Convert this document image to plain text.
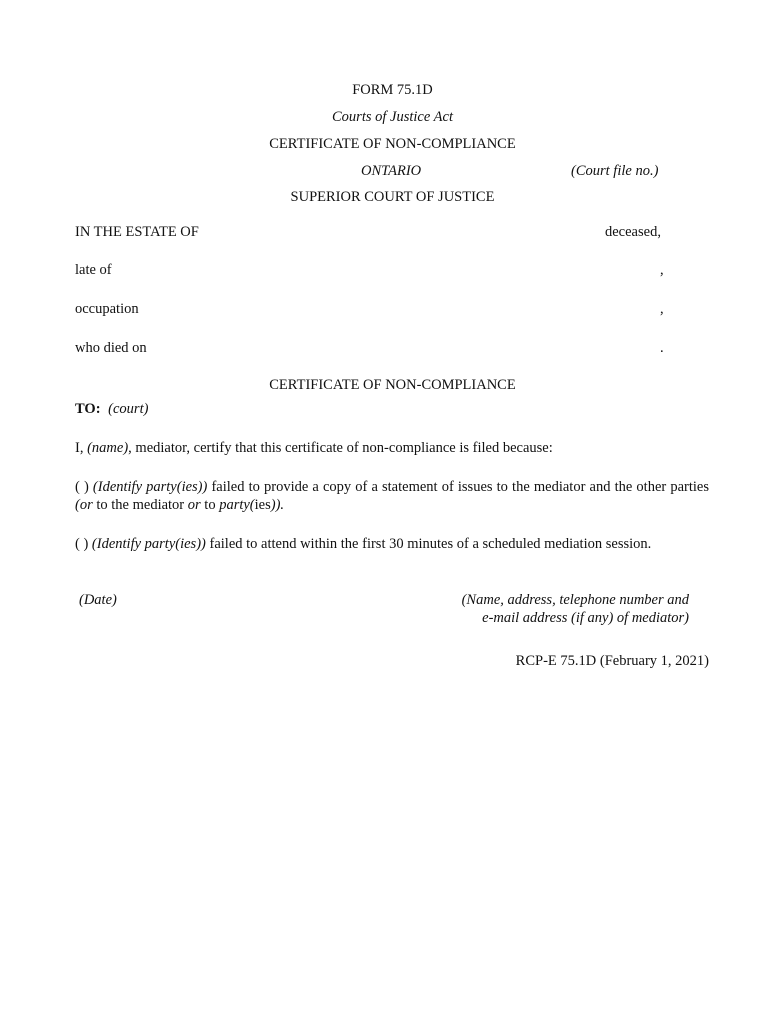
FORM 75.1D
Courts of Justice Act
CERTIFICATE OF NON-COMPLIANCE
ONTARIO	(Court file no.)
SUPERIOR COURT OF JUSTICE
IN THE ESTATE OF	deceased,
late of	,
occupation	,
who died on	.
CERTIFICATE OF NON-COMPLIANCE
TO: (court)
I, (name), mediator, certify that this certificate of non-compliance is filed because:
( ) (Identify party(ies)) failed to provide a copy of a statement of issues to the mediator and the other parties (or to the mediator or to party(ies)).
( ) (Identify party(ies)) failed to attend within the first 30 minutes of a scheduled mediation session.
(Date)	(Name, address, telephone number and
e-mail address (if any) of mediator)
RCP-E 75.1D (February 1, 2021)
